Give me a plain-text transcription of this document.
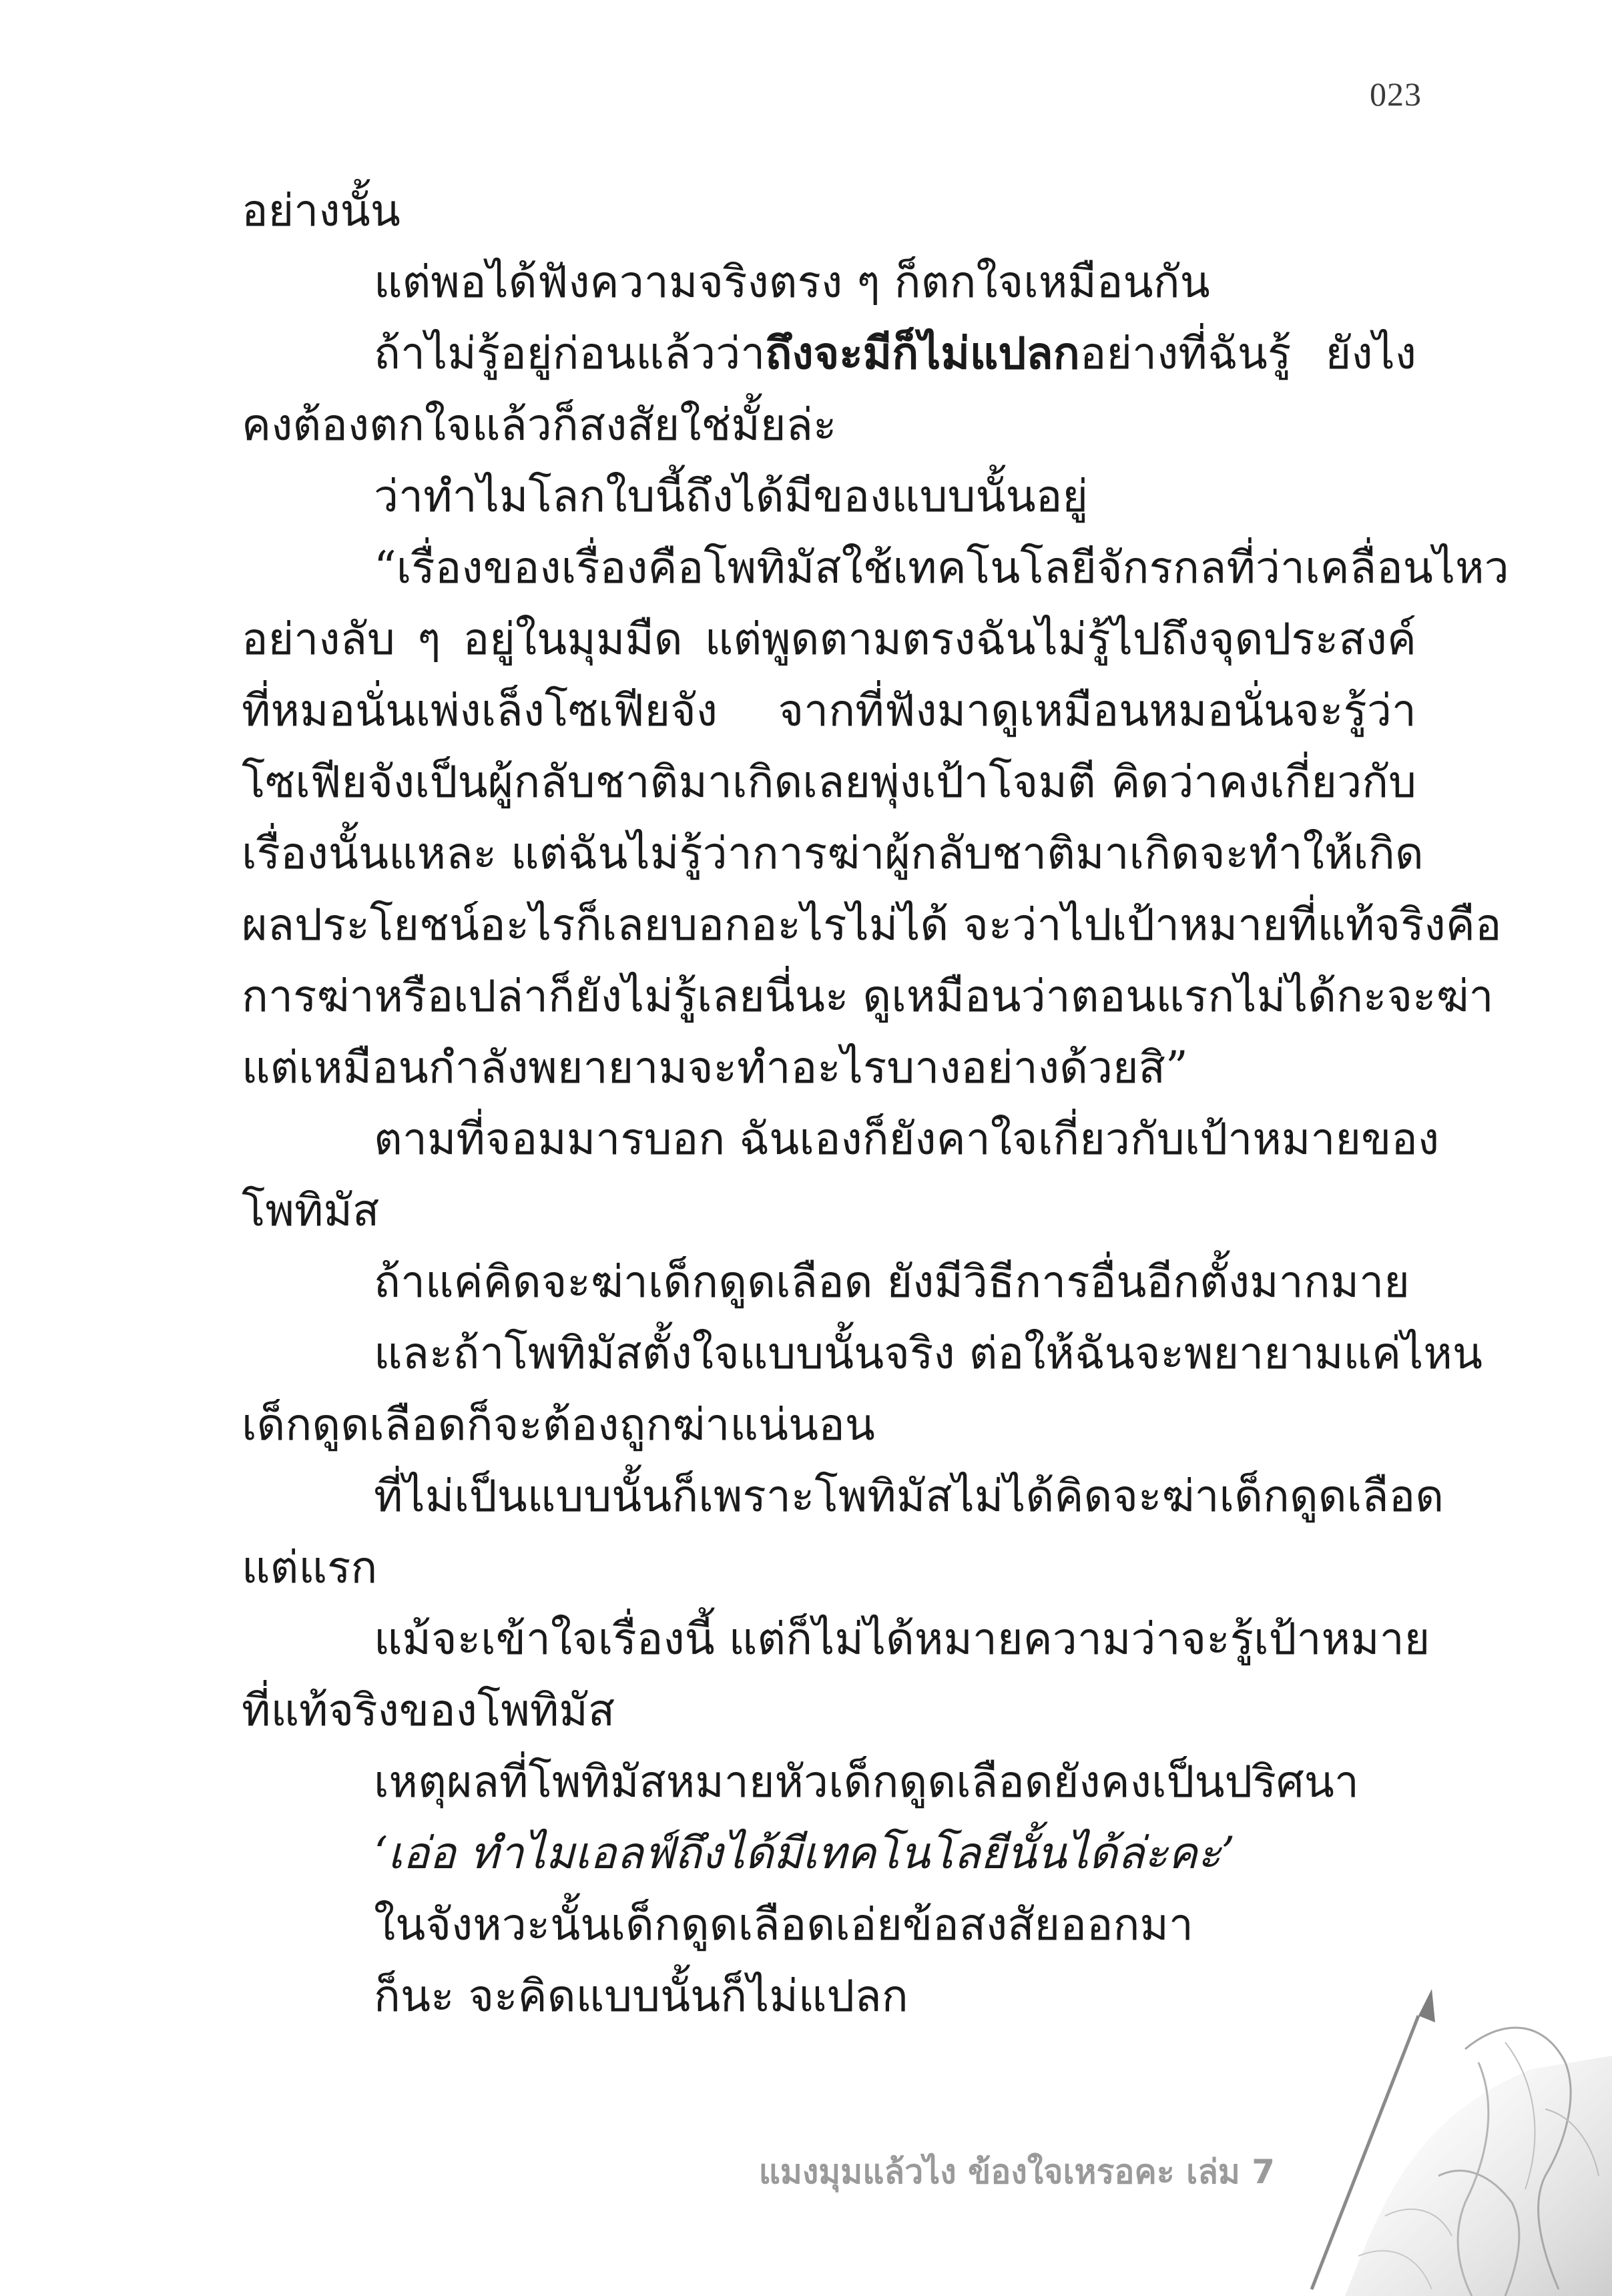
023
อย่างนั้น
แต่พอได้ฟังความจริงตรง ๆ ก็ตกใจเหมือนกัน
ถ้าไม่รู้อยู่ก่อนแล้วว่าถึงจะมีก็ไม่แปลกอย่างที่ฉันรู้ ยังไง
คงต้องตกใจแล้วก็สงสัยใช่มั้ยล่ะ
ว่าทำไมโลกใบนี้ถึงได้มีของแบบนั้นอยู่
“เรื่องของเรื่องคือโพทิมัสใช้เทคโนโลยีจักรกลที่ว่าเคลื่อนไหว
อย่างลับ ๆ อยู่ในมุมมืด แต่พูดตามตรงฉันไม่รู้ไปถึงจุดประสงค์
ที่หมอนั่นเพ่งเล็งโซเฟียจัง จากที่ฟังมาดูเหมือนหมอนั่นจะรู้ว่า
โซเฟียจังเป็นผู้กลับชาติมาเกิดเลยพุ่งเป้าโจมตี คิดว่าคงเกี่ยวกับ
เรื่องนั้นแหละ แต่ฉันไม่รู้ว่าการฆ่าผู้กลับชาติมาเกิดจะทำให้เกิด
ผลประโยชน์อะไรก็เลยบอกอะไรไม่ได้ จะว่าไปเป้าหมายที่แท้จริงคือ
การฆ่าหรือเปล่าก็ยังไม่รู้เลยนี่นะ ดูเหมือนว่าตอนแรกไม่ได้กะจะฆ่า
แต่เหมือนกำลังพยายามจะทำอะไรบางอย่างด้วยสิ”
ตามที่จอมมารบอก ฉันเองก็ยังคาใจเกี่ยวกับเป้าหมายของ
โพทิมัส
ถ้าแค่คิดจะฆ่าเด็กดูดเลือด ยังมีวิธีการอื่นอีกตั้งมากมาย
และถ้าโพทิมัสตั้งใจแบบนั้นจริง ต่อให้ฉันจะพยายามแค่ไหน
เด็กดูดเลือดก็จะต้องถูกฆ่าแน่นอน
ที่ไม่เป็นแบบนั้นก็เพราะโพทิมัสไม่ได้คิดจะฆ่าเด็กดูดเลือด
แต่แรก
แม้จะเข้าใจเรื่องนี้ แต่ก็ไม่ได้หมายความว่าจะรู้เป้าหมาย
ที่แท้จริงของโพทิมัส
เหตุผลที่โพทิมัสหมายหัวเด็กดูดเลือดยังคงเป็นปริศนา
‘เอ่อ ทำไมเอลฟ์ถึงได้มีเทคโนโลยีนั้นได้ล่ะคะ’
ในจังหวะนั้นเด็กดูดเลือดเอ่ยข้อสงสัยออกมา
ก็นะ จะคิดแบบนั้นก็ไม่แปลก
แมงมุมแล้วไง ข้องใจเหรอคะ เล่ม 7
